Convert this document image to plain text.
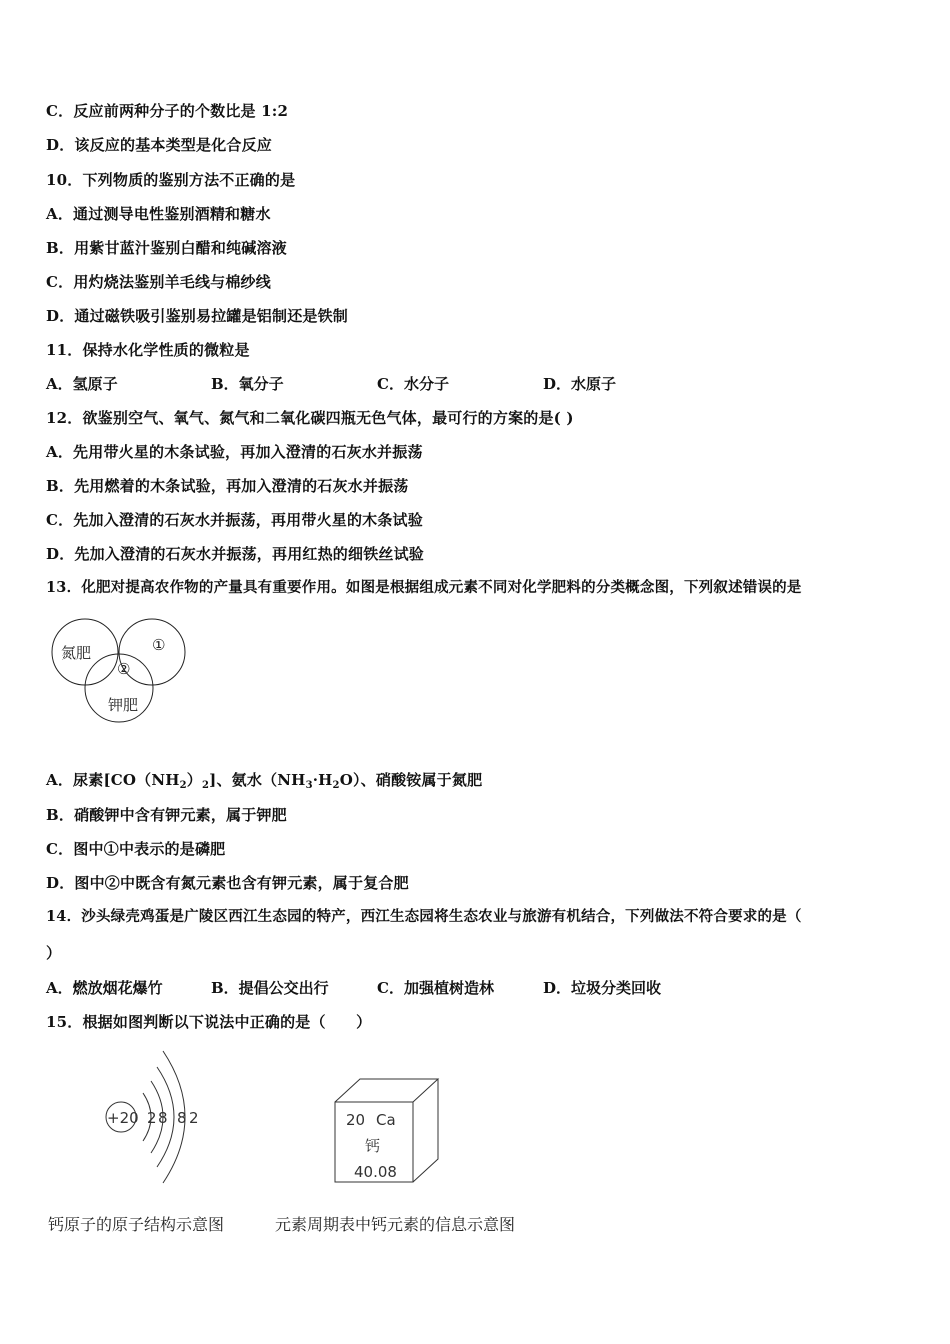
C．反应前两种分子的个数比是 1:2
D．该反应的基本类型是化合反应
10．下列物质的鉴别方法不正确的是
A．通过测导电性鉴别酒精和糖水
B．用紫甘蓝汁鉴别白醋和纯碱溶液
C．用灼烧法鉴别羊毛线与棉纱线
D．通过磁铁吸引鉴别易拉罐是铝制还是铁制
11．保持水化学性质的微粒是
A．氢原子	B．氧分子	C．水分子	D．水原子
12．欲鉴别空气、氧气、氮气和二氧化碳四瓶无色气体，最可行的方案的是( )
A．先用带火星的木条试验，再加入澄清的石灰水并振荡
B．先用燃着的木条试验，再加入澄清的石灰水并振荡
C．先加入澄清的石灰水并振荡，再用带火星的木条试验
D．先加入澄清的石灰水并振荡，再用红热的细铁丝试验
13．化肥对提高农作物的产量具有重要作用。如图是根据组成元素不同对化学肥料的分类概念图，下列叙述错误的是
氮肥	①
②
钾肥
A．尿素$[CO(NH_2)_2]$、氨水$(NH_3\cdot H_2O)$、硝酸铵属于氮肥
B．硝酸钾中含有钾元素，属于钾肥
C．图中①中表示的是磷肥
D．图中②中既含有氮元素也含有钾元素，属于复合肥
14．沙头绿壳鸡蛋是广陵区西江生态园的特产，西江生态园将生态农业与旅游有机结合，下列做法不符合要求的是（
）
A．燃放烟花爆竹	B．提倡公交出行	C．加强植树造林	D．垃圾分类回收
15．根据如图判断以下说法中正确的是（　　）
+20 2 8 8 2	20 Ca
钙
40.08
钙原子的原子结构示意图	元素周期表中钙元素的信息示意图
